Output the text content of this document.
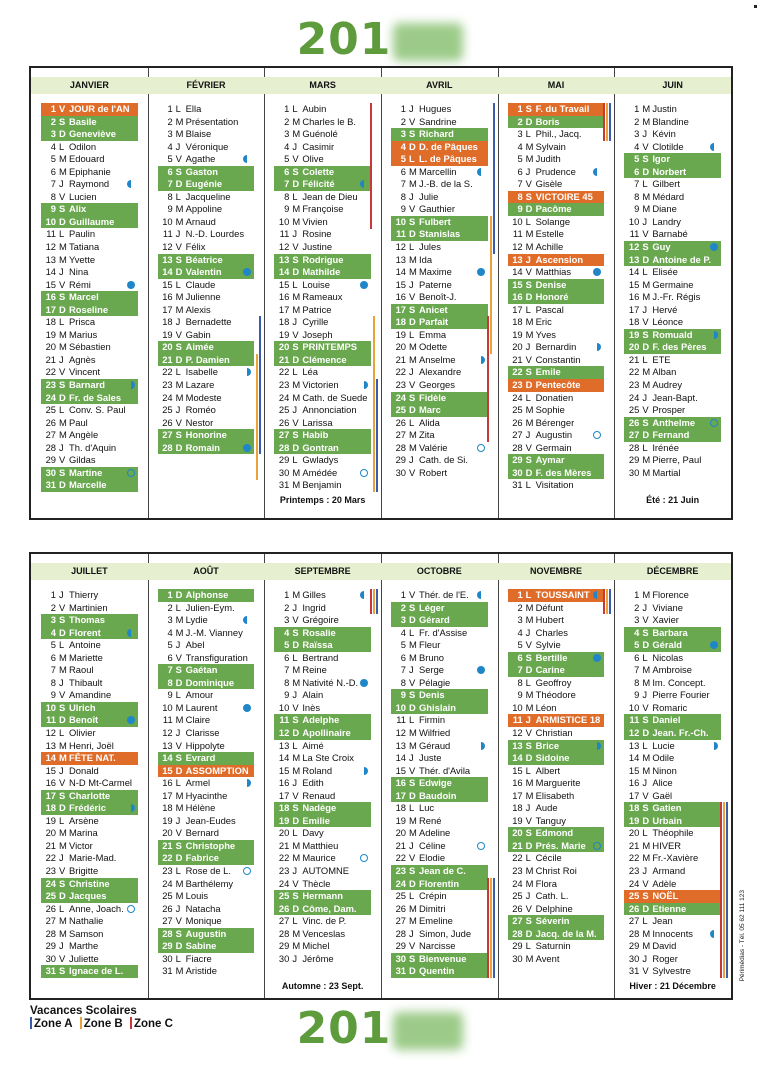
201
JANVIER
1 V JOUR de l'AN
2 S Basile
3 D Geneviève
4 L Odilon
5 M Edouard
6 M Epiphanie
7 J Raymond
8 V Lucien
9 S Alix
10 D Guillaume
11 L Paulin
12 M Tatiana
13 M Yvette
14 J Nina
15 V Rémi
16 S Marcel
17 D Roseline
18 L Prisca
19 M Marius
20 M Sébastien
21 J Agnès
22 V Vincent
23 S Barnard
24 D Fr. de Sales
25 L Conv. S. Paul
26 M Paul
27 M Angèle
28 J Th. d'Aquin
29 V Gildas
30 S Martine
31 D Marcelle
FÉVRIER
1 L Ella
2 M Présentation
3 M Blaise
4 J Véronique
5 V Agathe
6 S Gaston
7 D Eugénie
8 L Jacqueline
9 M Appoline
10 M Arnaud
11 J N.-D. Lourdes
12 V Félix
13 S Béatrice
14 D Valentin
15 L Claude
16 M Julienne
17 M Alexis
18 J Bernadette
19 V Gabin
20 S Aimée
21 D P. Damien
22 L Isabelle
23 M Lazare
24 M Modeste
25 J Roméo
26 V Nestor
27 S Honorine
28 D Romain
MARS
1 L Aubin
2 M Charles le B.
3 M Guénolé
4 J Casimir
5 V Olive
6 S Colette
7 D Félicité
8 L Jean de Dieu
9 M Françoise
10 M Vivien
11 J Rosine
12 V Justine
13 S Rodrigue
14 D Mathilde
15 L Louise
16 M Rameaux
17 M Patrice
18 J Cyrille
19 V Joseph
20 S PRINTEMPS
21 D Clémence
22 L Léa
23 M Victorien
24 M Cath. de Suede
25 J Annonciation
26 V Larissa
27 S Habib
28 D Gontran
29 L Gwladys
30 M Amédée
31 M Benjamin
Printemps : 20 Mars
AVRIL
1 J Hugues
2 V Sandrine
3 S Richard
4 D D. de Pâques
5 L L. de Pâques
6 M Marcellin
7 M J.-B. de la S.
8 J Julie
9 V Gauthier
10 S Fulbert
11 D Stanislas
12 L Jules
13 M Ida
14 M Maxime
15 J Paterne
16 V Benoît-J.
17 S Anicet
18 D Parfait
19 L Emma
20 M Odette
21 M Anselme
22 J Alexandre
23 V Georges
24 S Fidèle
25 D Marc
26 L Alida
27 M Zita
28 M Valérie
29 J Cath. de Si.
30 V Robert
MAI
1 S F. du Travail
2 D Boris
3 L Phil., Jacq.
4 M Sylvain
5 M Judith
6 J Prudence
7 V Gisèle
8 S VICTOIRE 45
9 D Pacôme
10 L Solange
11 M Estelle
12 M Achille
13 J Ascension
14 V Matthias
15 S Denise
16 D Honoré
17 L Pascal
18 M Eric
19 M Yves
20 J Bernardin
21 V Constantin
22 S Emile
23 D Pentecôte
24 L Donatien
25 M Sophie
26 M Bérenger
27 J Augustin
28 V Germain
29 S Aymar
30 D F. des Mères
31 L Visitation
JUIN
1 M Justin
2 M Blandine
3 J Kévin
4 V Clotilde
5 S Igor
6 D Norbert
7 L Gilbert
8 M Médard
9 M Diane
10 J Landry
11 V Barnabé
12 S Guy
13 D Antoine de P.
14 L Elisée
15 M Germaine
16 M J.-Fr. Régis
17 J Hervé
18 V Léonce
19 S Romuald
20 D F. des Pères
21 L ETE
22 M Alban
23 M Audrey
24 J Jean-Bapt.
25 V Prosper
26 S Anthelme
27 D Fernand
28 L Irénée
29 M Pierre, Paul
30 M Martial
Été : 21 Juin
JUILLET
1 J Thierry
2 V Martinien
3 S Thomas
4 D Florent
5 L Antoine
6 M Mariette
7 M Raoul
8 J Thibault
9 V Amandine
10 S Ulrich
11 D Benoît
12 L Olivier
13 M Henri, Joël
14 M FÊTE NAT.
15 J Donald
16 V N-D Mt-Carmel
17 S Charlotte
18 D Frédéric
19 L Arsène
20 M Marina
21 M Victor
22 J Marie-Mad.
23 V Brigitte
24 S Christine
25 D Jacques
26 L Anne, Joach.
27 M Nathalie
28 M Samson
29 J Marthe
30 V Juliette
31 S Ignace de L.
AOÛT
1 D Alphonse
2 L Julien-Eym.
3 M Lydie
4 M J.-M. Vianney
5 J Abel
6 V Transfiguration
7 S Gaétan
8 D Dominique
9 L Amour
10 M Laurent
11 M Claire
12 J Clarisse
13 V Hippolyte
14 S Evrard
15 D ASSOMPTION
16 L Armel
17 M Hyacinthe
18 M Hélène
19 J Jean-Eudes
20 V Bernard
21 S Christophe
22 D Fabrice
23 L Rose de L.
24 M Barthélemy
25 M Louis
26 J Natacha
27 V Monique
28 S Augustin
29 D Sabine
30 L Fiacre
31 M Aristide
SEPTEMBRE
1 M Gilles
2 J Ingrid
3 V Grégoire
4 S Rosalie
5 D Raïssa
6 L Bertrand
7 M Reine
8 M Nativité N.-D.
9 J Alain
10 V Inès
11 S Adelphe
12 D Apollinaire
13 L Aimé
14 M La Ste Croix
15 M Roland
16 J Edith
17 V Renaud
18 S Nadège
19 D Emilie
20 L Davy
21 M Matthieu
22 M Maurice
23 J AUTOMNE
24 V Thècle
25 S Hermann
26 D Côme, Dam.
27 L Vinc. de P.
28 M Venceslas
29 M Michel
30 J Jérôme
Automne : 23 Sept.
OCTOBRE
1 V Thér. de l'E.
2 S Léger
3 D Gérard
4 L Fr. d'Assise
5 M Fleur
6 M Bruno
7 J Serge
8 V Pélagie
9 S Denis
10 D Ghislain
11 L Firmin
12 M Wilfried
13 M Géraud
14 J Juste
15 V Thér. d'Avila
16 S Edwige
17 D Baudoin
18 L Luc
19 M René
20 M Adeline
21 J Céline
22 V Elodie
23 S Jean de C.
24 D Florentin
25 L Crépin
26 M Dimitri
27 M Emeline
28 J Simon, Jude
29 V Narcisse
30 S Bienvenue
31 D Quentin
NOVEMBRE
1 L TOUSSAINT
2 M Défunt
3 M Hubert
4 J Charles
5 V Sylvie
6 S Bertille
7 D Carine
8 L Geoffroy
9 M Théodore
10 M Léon
11 J ARMISTICE 18
12 V Christian
13 S Brice
14 D Sidoine
15 L Albert
16 M Marguerite
17 M Elisabeth
18 J Aude
19 V Tanguy
20 S Edmond
21 D Prés. Marie
22 L Cécile
23 M Christ Roi
24 M Flora
25 J Cath. L.
26 V Delphine
27 S Séverin
28 D Jacq. de la M.
29 L Saturnin
30 M Avent
DÉCEMBRE
1 M Florence
2 J Viviane
3 V Xavier
4 S Barbara
5 D Gérald
6 L Nicolas
7 M Ambroise
8 M Im. Concept.
9 J Pierre Fourier
10 V Romaric
11 S Daniel
12 D Jean. Fr.-Ch.
13 L Lucie
14 M Odile
15 M Ninon
16 J Alice
17 V Gaël
18 S Gatien
19 D Urbain
20 L Théophile
21 M HIVER
22 M Fr.-Xavière
23 J Armand
24 V Adèle
25 S NOËL
26 D Etienne
27 L Jean
28 M Innocents
29 M David
30 J Roger
31 V Sylvestre
Hiver : 21 Décembre
201
Vacances Scolaires
Zone A Zone B Zone C
Périmédias - Tél. 05 62 111 123
